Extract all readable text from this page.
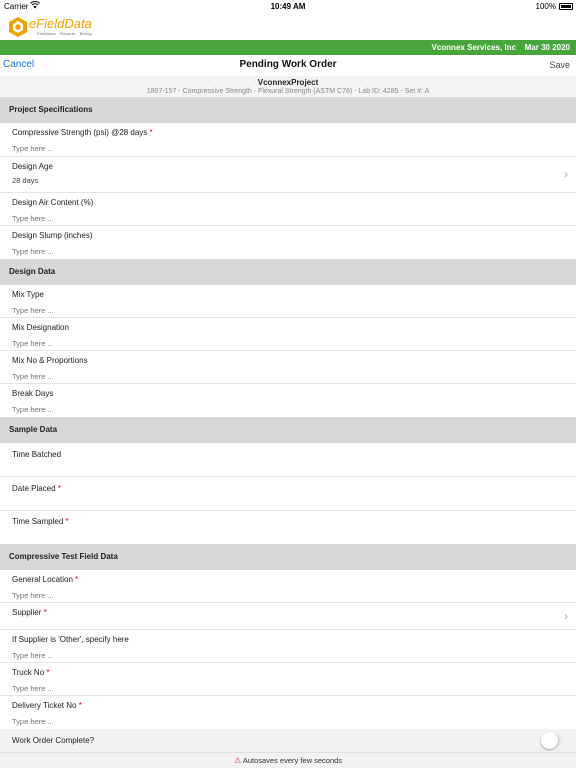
Carrier	10:49 AM	100%
eFieldData
Fieldlines · Reports · Billing
Vconnex Services, Inc Mar 30 2020
Cancel	Pending Work Order	Save
VconnexProject
1807-157 - Compressive Strength - Flexural Strength (ASTM C78) - Lab ID: 4285 - Set #: A
Project Specifications
Compressive Strength (psi) @28 days *
Type here ...
Design Age
28 days	›
Design Air Content (%)
Type here ...
Design Slump (inches)
Type here ...
Design Data
Mix Type
Type here ...
Mix Designation
Type here ...
Mix No & Proportions
Type here ...
Break Days
Type here ...
Sample Data
Time Batched
Date Placed *
Time Sampled *
Compressive Test Field Data
General Location *
Type here ...
Supplier *	›
If Supplier is 'Other', specify here
Type here ...
Truck No *
Type here ...
Delivery Ticket No *
Type here ...
Work Order Complete?
⚠ Autosaves every few seconds
